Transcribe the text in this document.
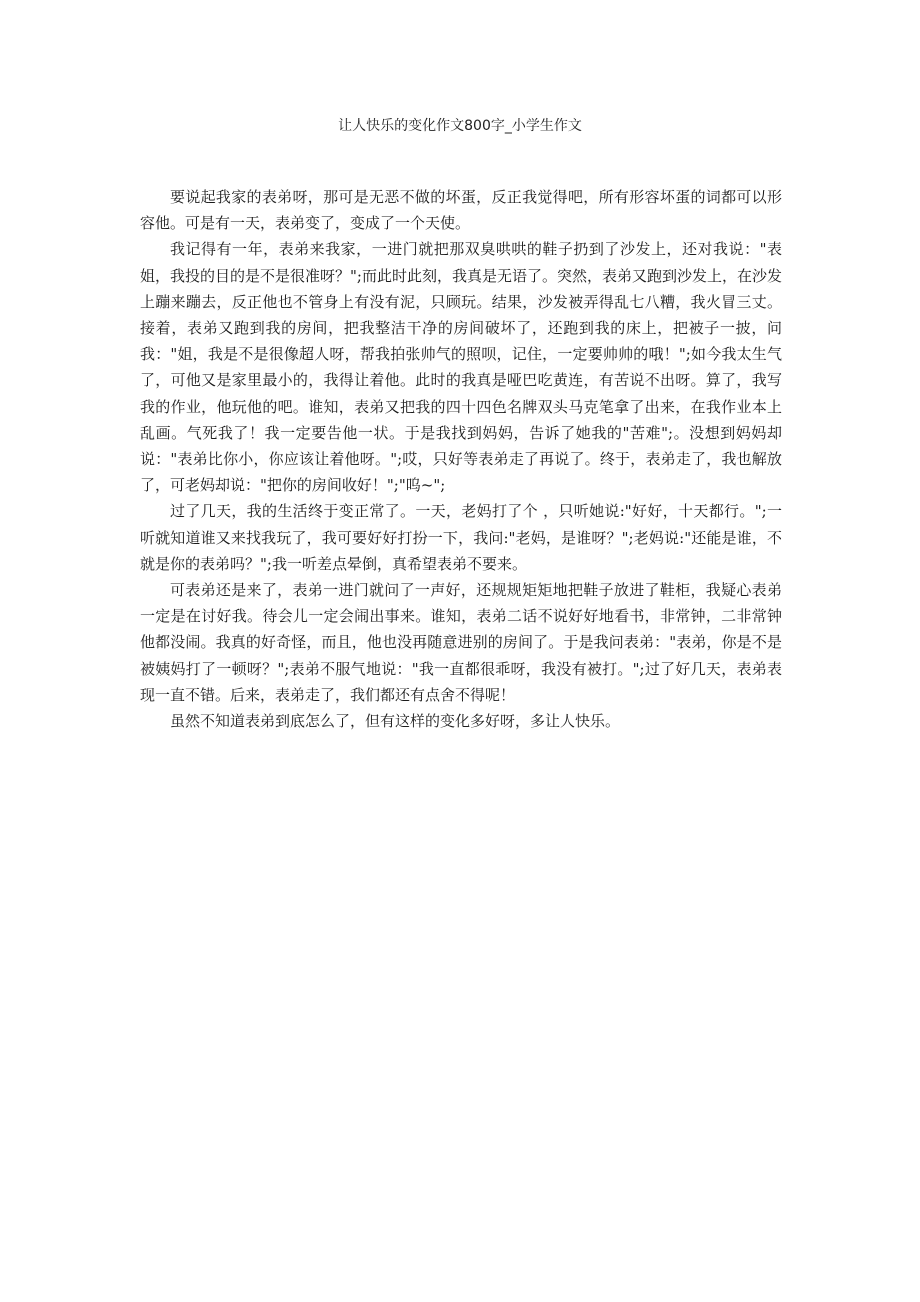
让人快乐的变化作文800字_小学生作文

要说起我家的表弟呀，那可是无恶不做的坏蛋，反正我觉得吧，所有形容坏蛋的词都可以形容他。可是有一天，表弟变了，变成了一个天使。

我记得有一年，表弟来我家，一进门就把那双臭哄哄的鞋子扔到了沙发上，还对我说："表姐，我投的目的是不是很准呀？";而此时此刻，我真是无语了。突然，表弟又跑到沙发上，在沙发上蹦来蹦去，反正他也不管身上有没有泥，只顾玩。结果，沙发被弄得乱七八糟，我火冒三丈。接着，表弟又跑到我的房间，把我整洁干净的房间破坏了，还跑到我的床上，把被子一披，问我："姐，我是不是很像超人呀，帮我拍张帅气的照呗，记住，一定要帅帅的哦！";如今我太生气了，可他又是家里最小的，我得让着他。此时的我真是哑巴吃黄连，有苦说不出呀。算了，我写我的作业，他玩他的吧。谁知，表弟又把我的四十四色名牌双头马克笔拿了出来，在我作业本上乱画。气死我了！我一定要告他一状。于是我找到妈妈，告诉了她我的"苦难";。没想到妈妈却说："表弟比你小，你应该让着他呀。";哎，只好等表弟走了再说了。终于，表弟走了，我也解放了，可老妈却说："把你的房间收好！";"呜~";

过了几天，我的生活终于变正常了。一天，老妈打了个 ，只听她说:"好好，十天都行。";一听就知道谁又来找我玩了，我可要好好打扮一下，我问:"老妈，是谁呀？";老妈说:"还能是谁，不就是你的表弟吗？";我一听差点晕倒，真希望表弟不要来。

可表弟还是来了，表弟一进门就问了一声好，还规规矩矩地把鞋子放进了鞋柜，我疑心表弟一定是在讨好我。待会儿一定会闹出事来。谁知，表弟二话不说好好地看书，非常钟，二非常钟他都没闹。我真的好奇怪，而且，他也没再随意进别的房间了。于是我问表弟："表弟，你是不是被姨妈打了一顿呀？";表弟不服气地说："我一直都很乖呀，我没有被打。";过了好几天，表弟表现一直不错。后来，表弟走了，我们都还有点舍不得呢！

虽然不知道表弟到底怎么了，但有这样的变化多好呀，多让人快乐。
